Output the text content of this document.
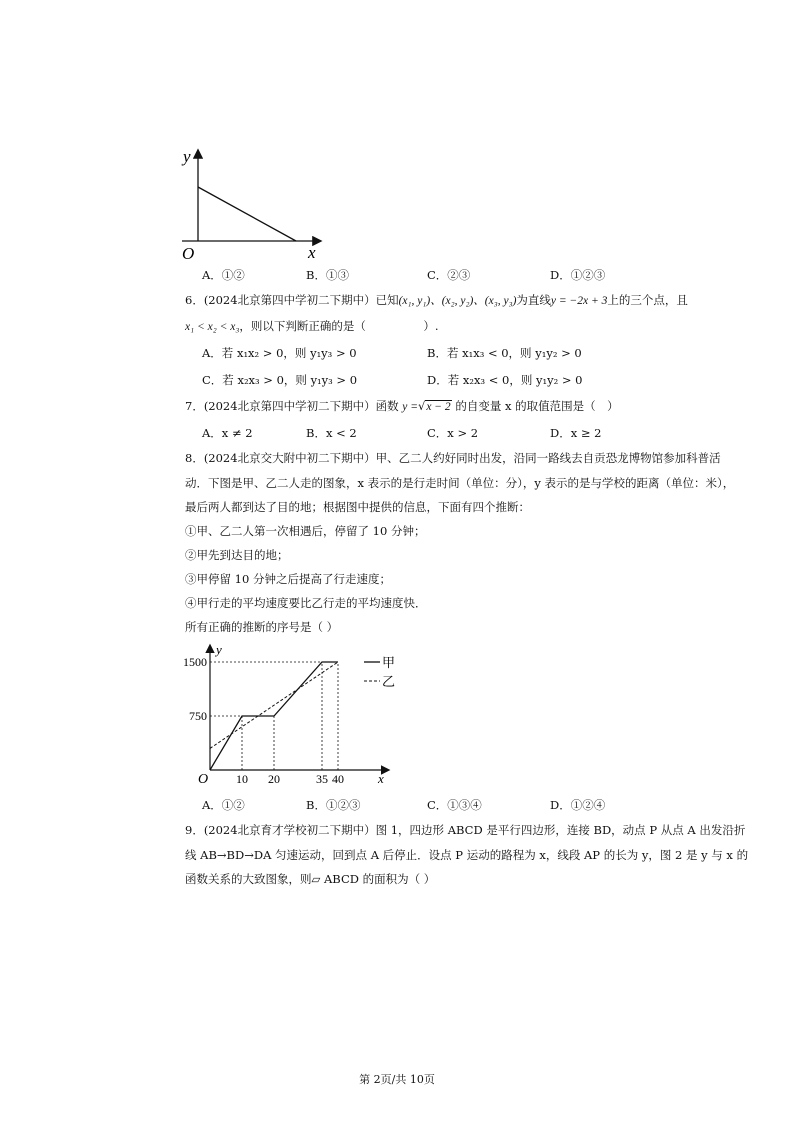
y
x
O
A．①②	B．①③	C．②③	D．①②③
6．(2024北京第四中学初二下期中）已知(x₁, y₁)、(x₂, y₂)、(x₃, y₃)为直线y = −2x + 3上的三个点，且
x₁ < x₂ < x₃，则以下判断正确的是（　　　　　）.
A．若 x₁x₂ > 0，则 y₁y₃ > 0	B．若 x₁x₃ < 0，则 y₁y₂ > 0
C．若 x₂x₃ > 0，则 y₁y₃ > 0	D．若 x₂x₃ < 0，则 y₁y₂ > 0
7．(2024北京第四中学初二下期中）函数 y =√x − 2 的自变量 x 的取值范围是（　）
A．x ≠ 2	B．x < 2	C．x > 2	D．x ≥ 2
8．(2024北京交大附中初二下期中）甲、乙二人约好同时出发，沿同一路线去自贡恐龙博物馆参加科普活
动．下图是甲、乙二人走的图象，x 表示的是行走时间（单位：分），y 表示的是与学校的距离（单位：米），
最后两人都到达了目的地；根据图中提供的信息，下面有四个推断：
①甲、乙二人第一次相遇后，停留了 10 分钟；
②甲先到达目的地；
③甲停留 10 分钟之后提高了行走速度；
④甲行走的平均速度要比乙行走的平均速度快．
所有正确的推断的序号是（ ）
750
1500
10 20	35 40
y
x
O
甲
乙
A．①②	B．①②③	C．①③④	D．①②④
9．(2024北京育才学校初二下期中）图 1，四边形 ABCD 是平行四边形，连接 BD，动点 P 从点 A 出发沿折
线 AB→BD→DA 匀速运动，回到点 A 后停止．设点 P 运动的路程为 x，线段 AP 的长为 y，图 2 是 y 与 x 的
函数关系的大致图象，则▱ ABCD 的面积为（ ）
第 2页/共 10页
